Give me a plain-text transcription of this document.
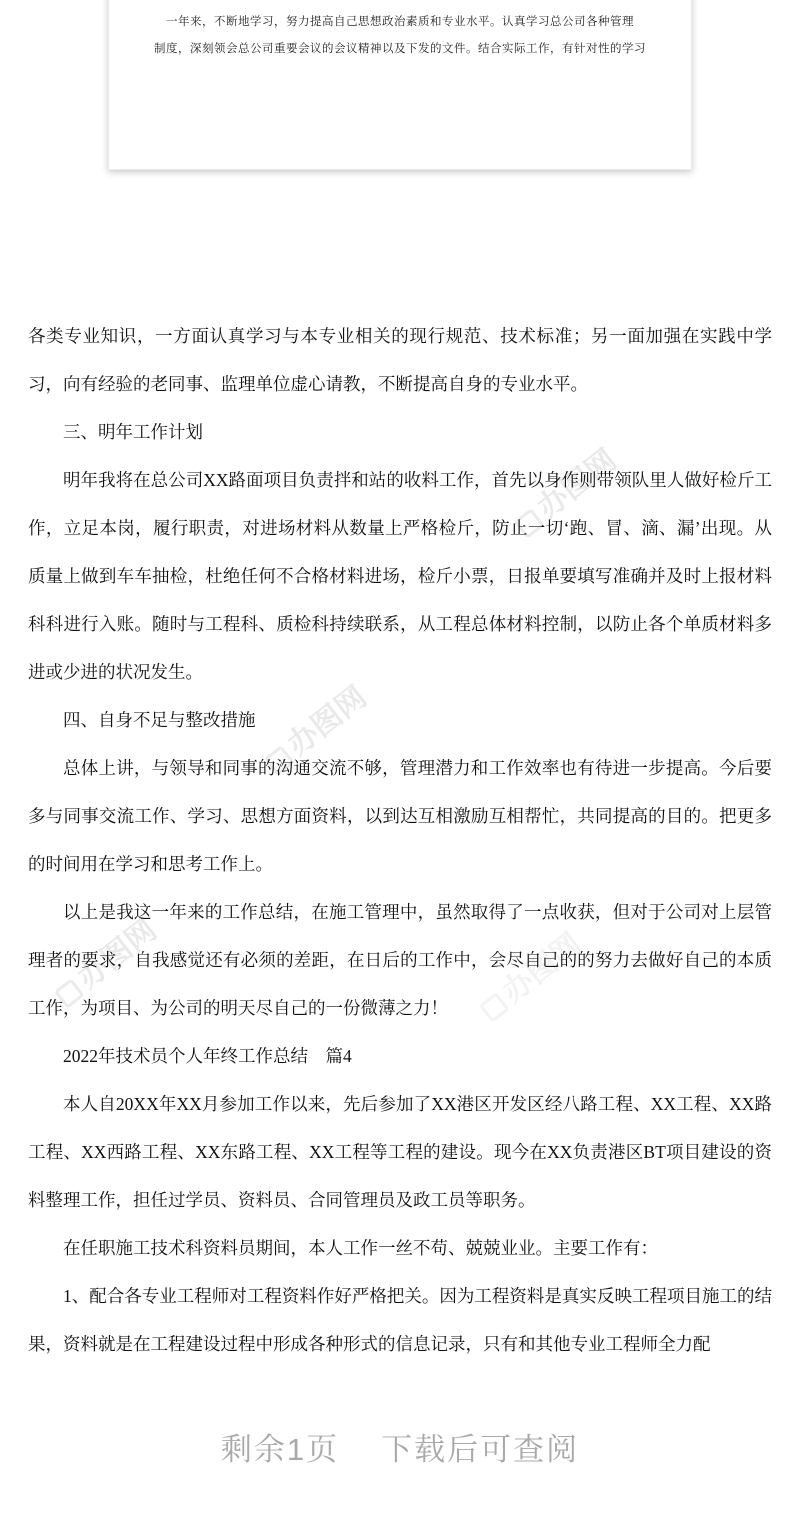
一年来，不断地学习，努力提高自己思想政治素质和专业水平。认真学习总公司各种管理
制度，深刻领会总公司重要会议的会议精神以及下发的文件。结合实际工作，有针对性的学习
办图网
办图网
办图网	办图网

各类专业知识，一方面认真学习与本专业相关的现行规范、技术标准；另一面加强在实践中学习，向有经验的老同事、监理单位虚心请教，不断提高自身的专业水平。

三、明年工作计划

明年我将在总公司XX路面项目负责拌和站的收料工作，首先以身作则带领队里人做好检斤工作，立足本岗，履行职责，对进场材料从数量上严格检斤，防止一切‘跑、冒、滴、漏’出现。从质量上做到车车抽检，杜绝任何不合格材料进场，检斤小票，日报单要填写准确并及时上报材料科科进行入账。随时与工程科、质检科持续联系，从工程总体材料控制，以防止各个单质材料多进或少进的状况发生。

四、自身不足与整改措施

总体上讲，与领导和同事的沟通交流不够，管理潜力和工作效率也有待进一步提高。今后要多与同事交流工作、学习、思想方面资料，以到达互相激励互相帮忙，共同提高的目的。把更多的时间用在学习和思考工作上。

以上是我这一年来的工作总结，在施工管理中，虽然取得了一点收获，但对于公司对上层管理者的要求，自我感觉还有必须的差距，在日后的工作中，会尽自己的的努力去做好自己的本质工作，为项目、为公司的明天尽自己的一份微薄之力！

2022年技术员个人年终工作总结　篇4

本人自20XX年XX月参加工作以来，先后参加了XX港区开发区经八路工程、XX工程、XX路工程、XX西路工程、XX东路工程、XX工程等工程的建设。现今在XX负责港区BT项目建设的资料整理工作，担任过学员、资料员、合同管理员及政工员等职务。

在任职施工技术科资料员期间，本人工作一丝不苟、兢兢业业。主要工作有：

1、配合各专业工程师对工程资料作好严格把关。因为工程资料是真实反映工程项目施工的结果，资料就是在工程建设过程中形成各种形式的信息记录，只有和其他专业工程师全力配

剩余1页 下载后可查阅
